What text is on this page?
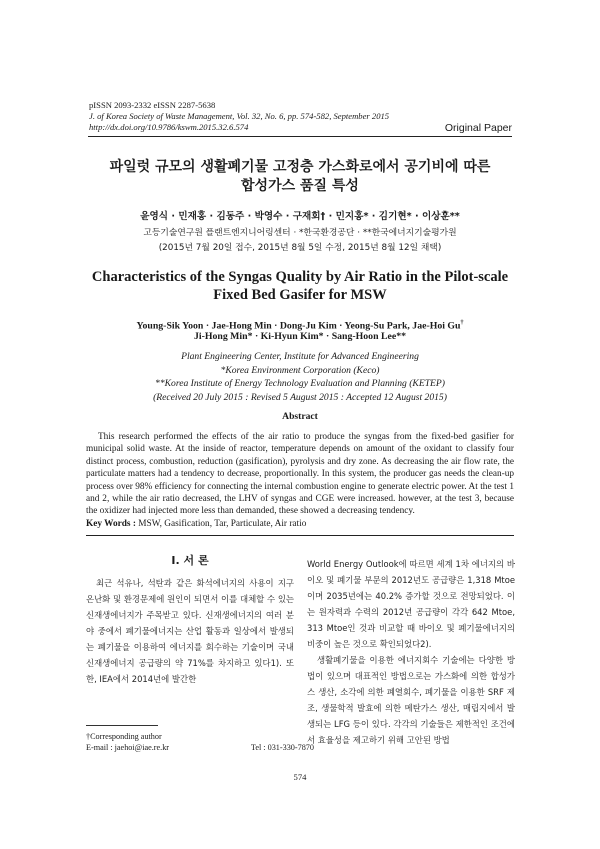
pISSN 2093-2332 eISSN 2287-5638
J. of Korea Society of Waste Management, Vol. 32, No. 6, pp. 574-582, September 2015
http://dx.doi.org/10.9786/kswm.2015.32.6.574	Original Paper
파일럿 규모의 생활폐기물 고정층 가스화로에서 공기비에 따른
합성가스 품질 특성
윤영식 · 민재홍 · 김동주 · 박영수 · 구재회† · 민지홍* · 김기현* · 이상훈**
고등기술연구원 플랜트엔지니어링센터 · *한국환경공단 · **한국에너지기술평가원
(2015년 7월 20일 접수, 2015년 8월 5일 수정, 2015년 8월 12일 채택)
Characteristics of the Syngas Quality by Air Ratio in the Pilot-scale
Fixed Bed Gasifer for MSW
Young-Sik Yoon · Jae-Hong Min · Dong-Ju Kim · Yeong-Su Park, Jae-Hoi Gu†
Ji-Hong Min* · Ki-Hyun Kim* · Sang-Hoon Lee**
Plant Engineering Center, Institute for Advanced Engineering
*Korea Environment Corporation (Keco)
**Korea Institute of Energy Technology Evaluation and Planning (KETEP)
(Received 20 July 2015 : Revised 5 August 2015 : Accepted 12 August 2015)
Abstract
This research performed the effects of the air ratio to produce the syngas from the fixed-bed gasifier for municipal solid waste. At the inside of reactor, temperature depends on amount of the oxidant to classify four distinct process, combustion, reduction (gasification), pyrolysis and dry zone. As decreasing the air flow rate, the particulate matters had a tendency to decrease, proportionally. In this system, the producer gas needs the clean-up process over 98% efficiency for connecting the internal combustion engine to generate electric power. At the test 1 and 2, while the air ratio decreased, the LHV of syngas and CGE were increased. however, at the test 3, because the oxidizer had injected more less than demanded, these showed a decreasing tendency.
Key Words : MSW, Gasification, Tar, Particulate, Air ratio
I. 서 론
최근 석유나, 석탄과 같은 화석에너지의 사용이 지구 온난화 및 환경문제에 원인이 되면서 이를 대체할 수 있는 신재생에너지가 주목받고 있다. 신재생에너지의 여러 분야 중에서 폐기물에너지는 산업 활동과 일상에서 발생되는 폐기물을 이용하여 에너지를 회수하는 기술이며 국내 신재생에너지 공급량의 약 71%를 차지하고 있다1). 또한, IEA에서 2014년에 발간한
World Energy Outlook에 따르면 세계 1차 에너지의 바이오 및 폐기물 부문의 2012년도 공급량은 1,318 Mtoe이며 2035년에는 40.2% 증가할 것으로 전망되었다. 이는 원자력과 수력의 2012년 공급량이 각각 642 Mtoe, 313 Mtoe인 것과 비교할 때 바이오 및 폐기물에너지의 비중이 높은 것으로 확인되었다2).
생활폐기물을 이용한 에너지회수 기술에는 다양한 방법이 있으며 대표적인 방법으로는 가스화에 의한 합성가스 생산, 소각에 의한 폐열회수, 폐기물을 이용한 SRF 제조, 생물학적 발효에 의한 메탄가스 생산, 매립지에서 발생되는 LFG 등이 있다. 각각의 기술들은 제한적인 조건에서 효율성을 제고하기 위해 고안된 방법
†Corresponding author
E-mail : jaehoi@iae.re.kr	Tel : 031-330-7870
574
